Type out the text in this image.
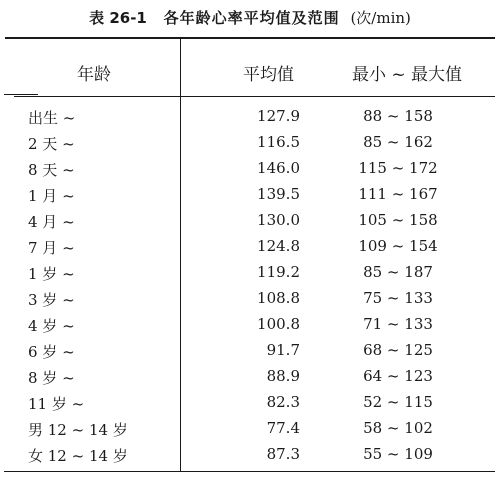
表 26-1 各年龄心率平均值及范围 (次/min)
年龄	平均值	最小 ~ 最大值
出生 ~	127.9	88 ~ 158
2 天 ~	116.5	85 ~ 162
8 天 ~	146.0	115 ~ 172
1 月 ~	139.5	111 ~ 167
4 月 ~	130.0	105 ~ 158
7 月 ~	124.8	109 ~ 154
1 岁 ~	119.2	85 ~ 187
3 岁 ~	108.8	75 ~ 133
4 岁 ~	100.8	71 ~ 133
6 岁 ~	91.7	68 ~ 125
8 岁 ~	88.9	64 ~ 123
11 岁 ~	82.3	52 ~ 115
男 12 ~ 14 岁	77.4	58 ~ 102
女 12 ~ 14 岁	87.3	55 ~ 109
